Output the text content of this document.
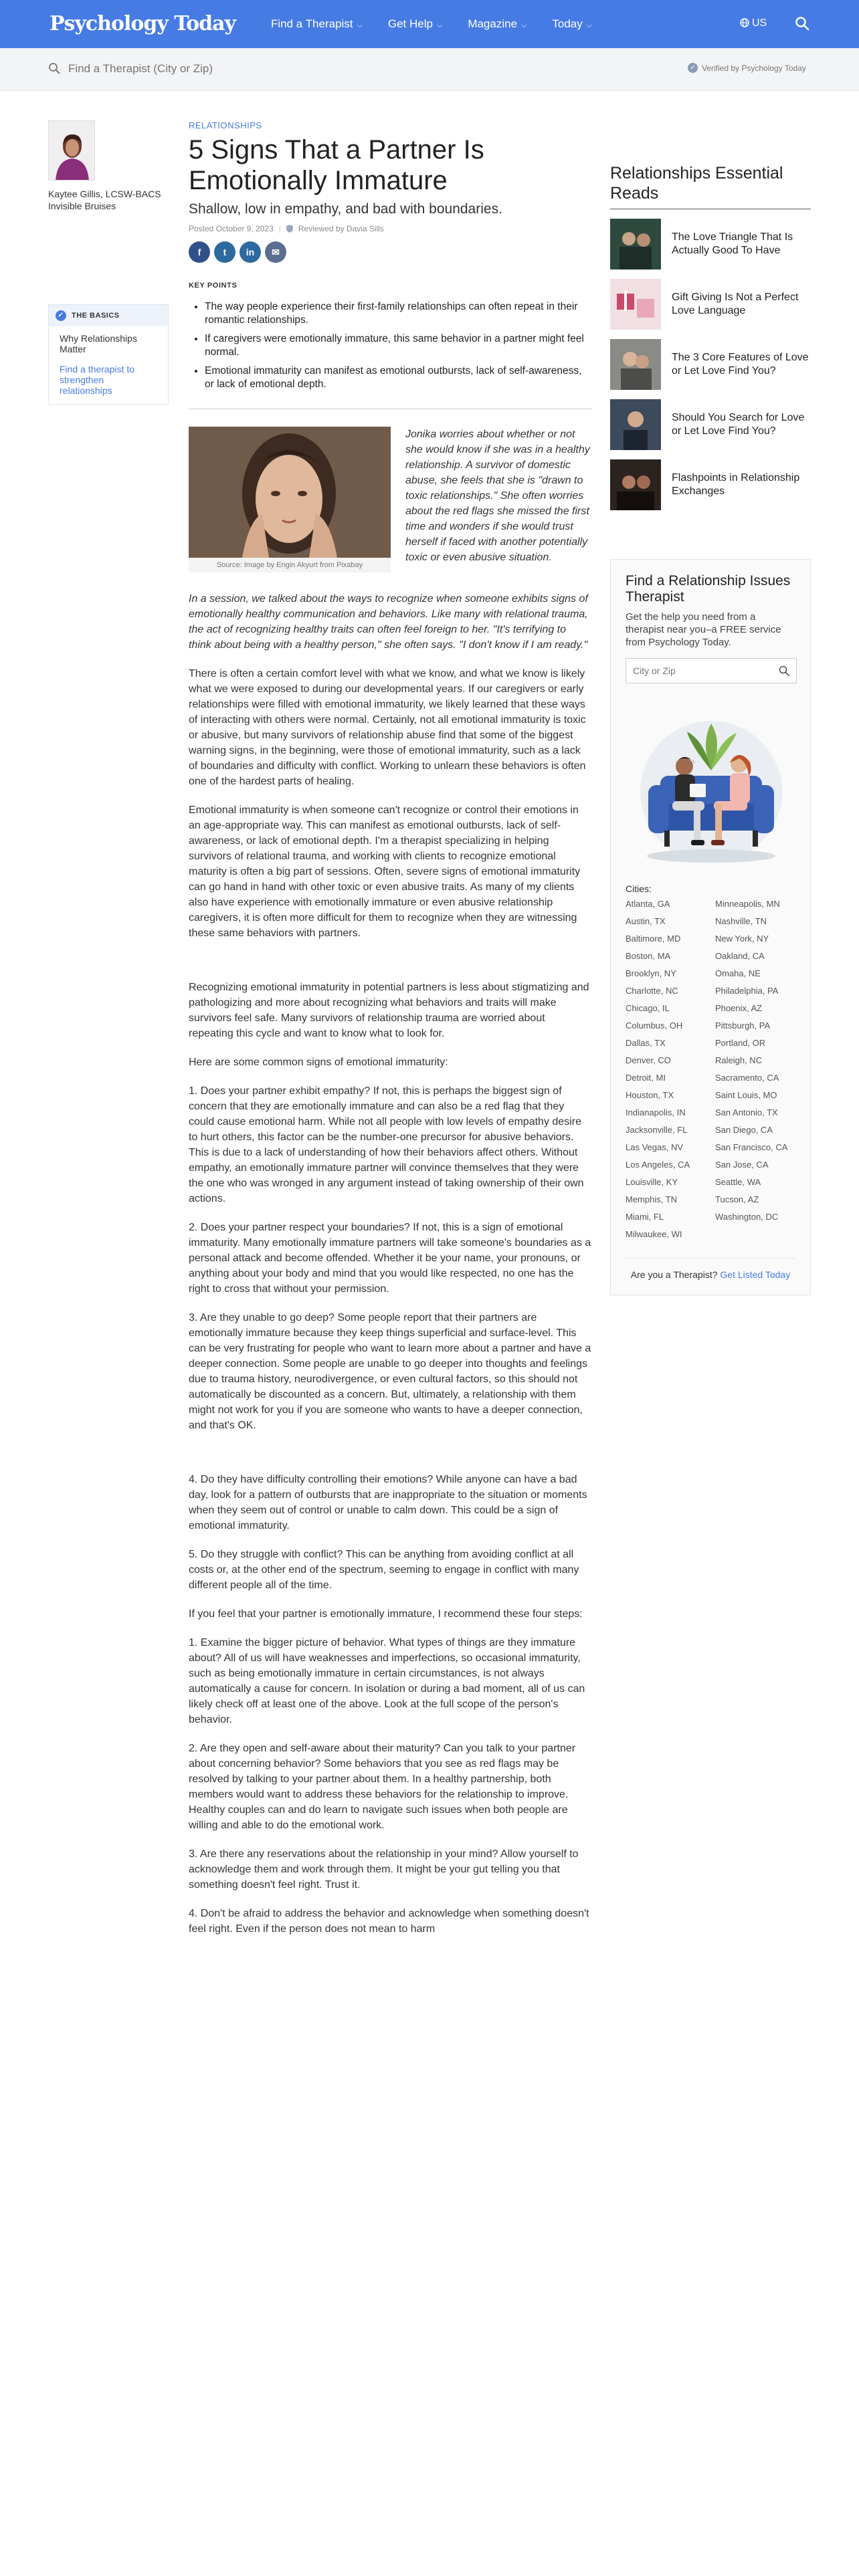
Psychology Today	Find a Therapist ⌵ Get Help ⌵ Magazine ⌵ Today ⌵	US
Find a Therapist (City or Zip)
✓ Verified by Psychology Today
Kaytee Gillis, LCSW-BACS
Invisible Bruises
✓	THE BASICS
Why Relationships Matter
Find a therapist to strengthen relationships
RELATIONSHIPS
5 Signs That a Partner Is Emotionally Immature
Shallow, low in empathy, and bad with boundaries.
Posted October 9, 2023 | Reviewed by Davia Sills
f	t	in	✉
KEY POINTS
• The way people experience their first-family relationships can often repeat in their romantic relationships.
• If caregivers were emotionally immature, this same behavior in a partner might feel normal.
• Emotional immaturity can manifest as emotional outbursts, lack of self-awareness, or lack of emotional depth.
Source: Image by Engin Akyurt from Pixabay

Jonika worries about whether or not she would know if she was in a healthy relationship. A survivor of domestic abuse, she feels that she is "drawn to toxic relationships." She often worries about the red flags she missed the first time and wonders if she would trust herself if faced with another potentially toxic or even abusive situation.

In a session, we talked about the ways to recognize when someone exhibits signs of emotionally healthy communication and behaviors. Like many with relational trauma, the act of recognizing healthy traits can often feel foreign to her. "It's terrifying to think about being with a healthy person," she often says. "I don't know if I am ready."

There is often a certain comfort level with what we know, and what we know is likely what we were exposed to during our developmental years. If our caregivers or early relationships were filled with emotional immaturity, we likely learned that these ways of interacting with others were normal. Certainly, not all emotional immaturity is toxic or abusive, but many survivors of relationship abuse find that some of the biggest warning signs, in the beginning, were those of emotional immaturity, such as a lack of boundaries and difficulty with conflict. Working to unlearn these behaviors is often one of the hardest parts of healing.

Emotional immaturity is when someone can't recognize or control their emotions in an age-appropriate way. This can manifest as emotional outbursts, lack of self-awareness, or lack of emotional depth. I'm a therapist specializing in helping survivors of relational trauma, and working with clients to recognize emotional maturity is often a big part of sessions. Often, severe signs of emotional immaturity can go hand in hand with other toxic or even abusive traits. As many of my clients also have experience with emotionally immature or even abusive relationship caregivers, it is often more difficult for them to recognize when they are witnessing these same behaviors with partners.

Recognizing emotional immaturity in potential partners is less about stigmatizing and pathologizing and more about recognizing what behaviors and traits will make survivors feel safe. Many survivors of relationship trauma are worried about repeating this cycle and want to know what to look for.

Here are some common signs of emotional immaturity:

1. Does your partner exhibit empathy? If not, this is perhaps the biggest sign of concern that they are emotionally immature and can also be a red flag that they could cause emotional harm. While not all people with low levels of empathy desire to hurt others, this factor can be the number-one precursor for abusive behaviors. This is due to a lack of understanding of how their behaviors affect others. Without empathy, an emotionally immature partner will convince themselves that they were the one who was wronged in any argument instead of taking ownership of their own actions.

2. Does your partner respect your boundaries? If not, this is a sign of emotional immaturity. Many emotionally immature partners will take someone's boundaries as a personal attack and become offended. Whether it be your name, your pronouns, or anything about your body and mind that you would like respected, no one has the right to cross that without your permission.

3. Are they unable to go deep? Some people report that their partners are emotionally immature because they keep things superficial and surface-level. This can be very frustrating for people who want to learn more about a partner and have a deeper connection. Some people are unable to go deeper into thoughts and feelings due to trauma history, neurodivergence, or even cultural factors, so this should not automatically be discounted as a concern. But, ultimately, a relationship with them might not work for you if you are someone who wants to have a deeper connection, and that's OK.

4. Do they have difficulty controlling their emotions? While anyone can have a bad day, look for a pattern of outbursts that are inappropriate to the situation or moments when they seem out of control or unable to calm down. This could be a sign of emotional immaturity.

5. Do they struggle with conflict? This can be anything from avoiding conflict at all costs or, at the other end of the spectrum, seeming to engage in conflict with many different people all of the time.

If you feel that your partner is emotionally immature, I recommend these four steps:

1. Examine the bigger picture of behavior. What types of things are they immature about? All of us will have weaknesses and imperfections, so occasional immaturity, such as being emotionally immature in certain circumstances, is not always automatically a cause for concern. In isolation or during a bad moment, all of us can likely check off at least one of the above. Look at the full scope of the person's behavior.

2. Are they open and self-aware about their maturity? Can you talk to your partner about concerning behavior? Some behaviors that you see as red flags may be resolved by talking to your partner about them. In a healthy partnership, both members would want to address these behaviors for the relationship to improve. Healthy couples can and do learn to navigate such issues when both people are willing and able to do the emotional work.

3. Are there any reservations about the relationship in your mind? Allow yourself to acknowledge them and work through them. It might be your gut telling you that something doesn't feel right. Trust it.

4. Don't be afraid to address the behavior and acknowledge when something doesn't feel right. Even if the person does not mean to harm

Relationships Essential Reads
The Love Triangle That Is Actually Good To Have
Gift Giving Is Not a Perfect Love Language
The 3 Core Features of Love or Let Love Find You?
Should You Search for Love or Let Love Find You?
Flashpoints in Relationship Exchanges
Find a Relationship Issues Therapist
Get the help you need from a therapist near you–a FREE service from Psychology Today.
City or Zip
Cities:
Atlanta, GA	Minneapolis, MN
Austin, TX	Nashville, TN
Baltimore, MD	New York, NY
Boston, MA	Oakland, CA
Brooklyn, NY	Omaha, NE
Charlotte, NC	Philadelphia, PA
Chicago, IL	Phoenix, AZ
Columbus, OH	Pittsburgh, PA
Dallas, TX	Portland, OR
Denver, CO	Raleigh, NC
Detroit, MI	Sacramento, CA
Houston, TX	Saint Louis, MO
Indianapolis, IN	San Antonio, TX
Jacksonville, FL	San Diego, CA
Las Vegas, NV	San Francisco, CA
Los Angeles, CA	San Jose, CA
Louisville, KY	Seattle, WA
Memphis, TN	Tucson, AZ
Miami, FL	Washington, DC
Milwaukee, WI
Are you a Therapist? Get Listed Today
